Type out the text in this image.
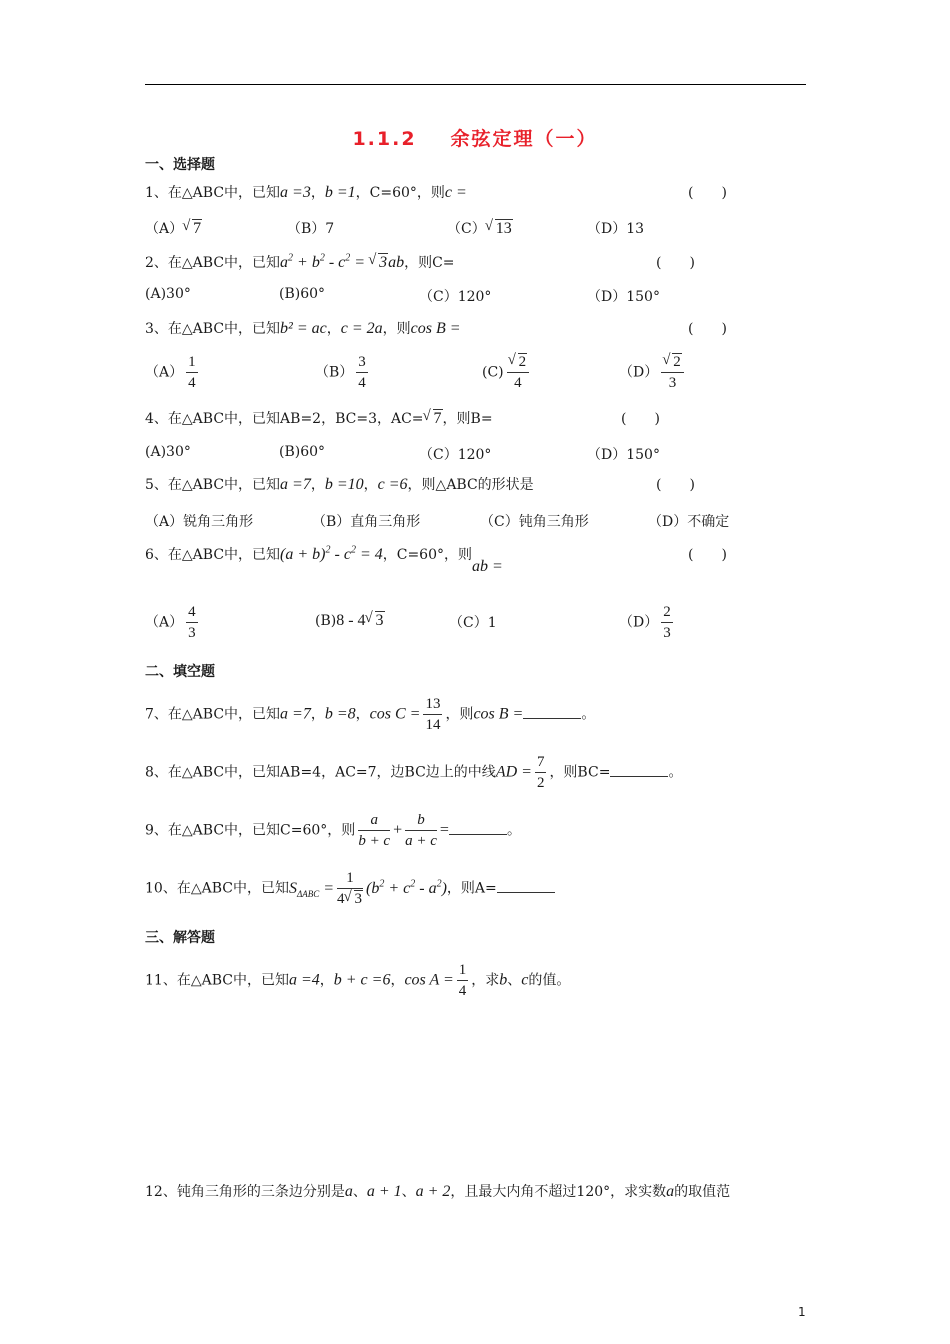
1.1.2 余弦定理（一）
一、选择题
1、在△ABC中，已知a =3，b =1，C=60°，则c =	(　　)
（A） √ 7	（B）7	（C） √ 13	（D）13
2、在△ABC中，已知$a^2 + b^2 - c^2$ = √ 3ab，则C=	(　　)
(A)30°	(B)60°	（C）120°	（D）150°
3、在△ABC中，已知b² = ac，c = 2a，则cos B =	(　　)
$(A) \frac{1}{4}$	$(B) \frac{3}{4}$	(C) √ $\frac{2}{4}$	（D） √ $\frac{2}{3}$
4、在△ABC中，已知AB=2，BC=3，AC= √ 7，则B=	(　　)
(A)30°	(B)60°	（C）120°	（D）150°
5、在△ABC中，已知a =7，b =10，c =6，则△ABC的形状是	(　　)
（A）锐角三角形	（B）直角三角形	（C）钝角三角形	（D）不确定
6、在△ABC中，已知$(a + b)^2 - c^2 = 4$，C=60°，则ab =
(　　)
$(A) \frac{4}{3}$	(B)8 - 4 √ 3	（C）1	$(D) \frac{2}{3}$
二、填空题
7、在△ABC中，已知a =7，b =8，$\cos C = \frac{13}{14}$ ，则cos B =	。
8、在△ABC中，已知AB=4，AC=7，边BC边上的中线AD = $\frac{7}{2}$ ，则BC=	。
9、在△ABC中，已知C=60°，则 $\frac{a}{b + c} + \frac{b}{a + c}$ =	。
10、在△ABC中，已知$S_{\Delta ABC} = \frac{1}{4 √ 3} (b^2 + c^2 - a^2)$，则A=
三、解答题
11、在△ABC中，已知a =4，b + c =6，$\cos A = \frac{1}{4}$ ，求b、c的值。
12、钝角三角形的三条边分别是a、a + 1、a + 2，且最大内角不超过120°，求实数a的取值范
1
